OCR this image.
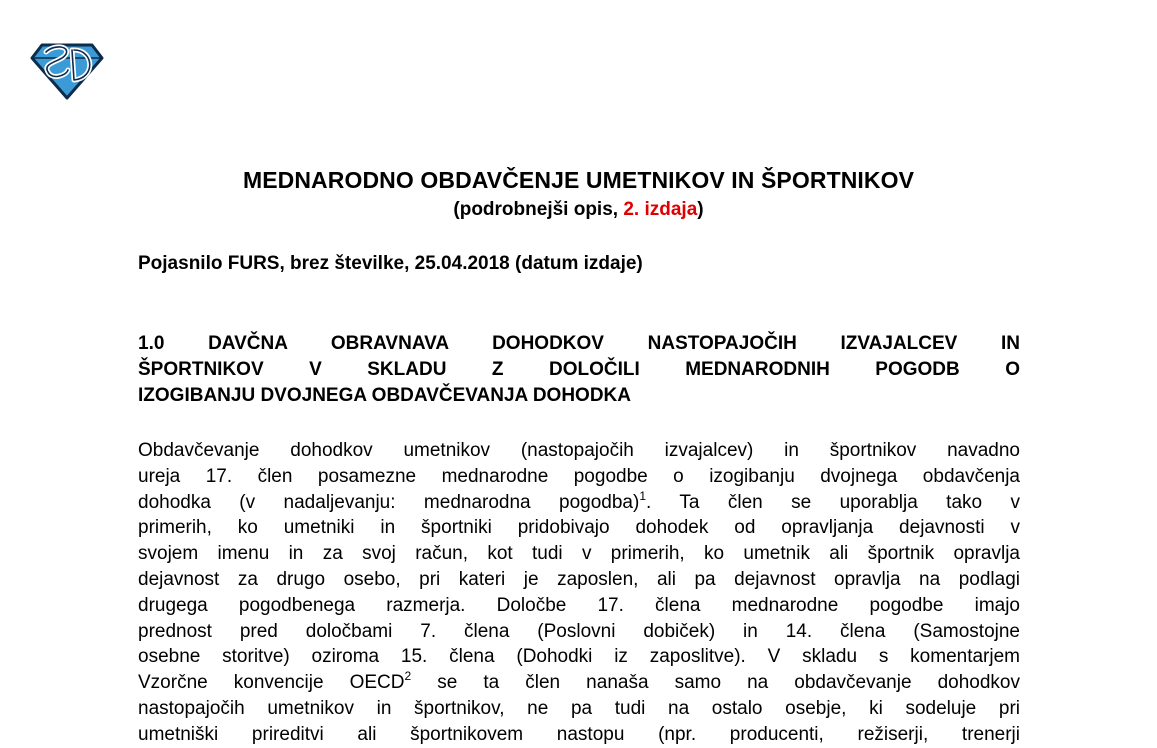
MEDNARODNO OBDAVČENJE UMETNIKOV IN ŠPORTNIKOV
(podrobnejši opis, 2. izdaja)
Pojasnilo FURS, brez številke, 25.04.2018 (datum izdaje)
1.0 DAVČNA OBRAVNAVA DOHODKOV NASTOPAJOČIH IZVAJALCEV IN
ŠPORTNIKOV V SKLADU Z DOLOČILI MEDNARODNIH POGODB O
IZOGIBANJU DVOJNEGA OBDAVČEVANJA DOHODKA
Obdavčevanje dohodkov umetnikov (nastopajočih izvajalcev) in športnikov navadno
ureja 17. člen posamezne mednarodne pogodbe o izogibanju dvojnega obdavčenja
dohodka (v nadaljevanju: mednarodna pogodba)$^1$. Ta člen se uporablja tako v
primerih, ko umetniki in športniki pridobivajo dohodek od opravljanja dejavnosti v
svojem imenu in za svoj račun, kot tudi v primerih, ko umetnik ali športnik opravlja
dejavnost za drugo osebo, pri kateri je zaposlen, ali pa dejavnost opravlja na podlagi
drugega pogodbenega razmerja. Določbe 17. člena mednarodne pogodbe imajo
prednost pred določbami 7. člena (Poslovni dobiček) in 14. člena (Samostojne
osebne storitve) oziroma 15. člena (Dohodki iz zaposlitve). V skladu s komentarjem
Vzorčne konvencije OECD$^2$ se ta člen nanaša samo na obdavčevanje dohodkov
nastopajočih umetnikov in športnikov, ne pa tudi na ostalo osebje, ki sodeluje pri
umetniški prireditvi ali športnikovem nastopu (npr. producenti, režiserji, trenerji
